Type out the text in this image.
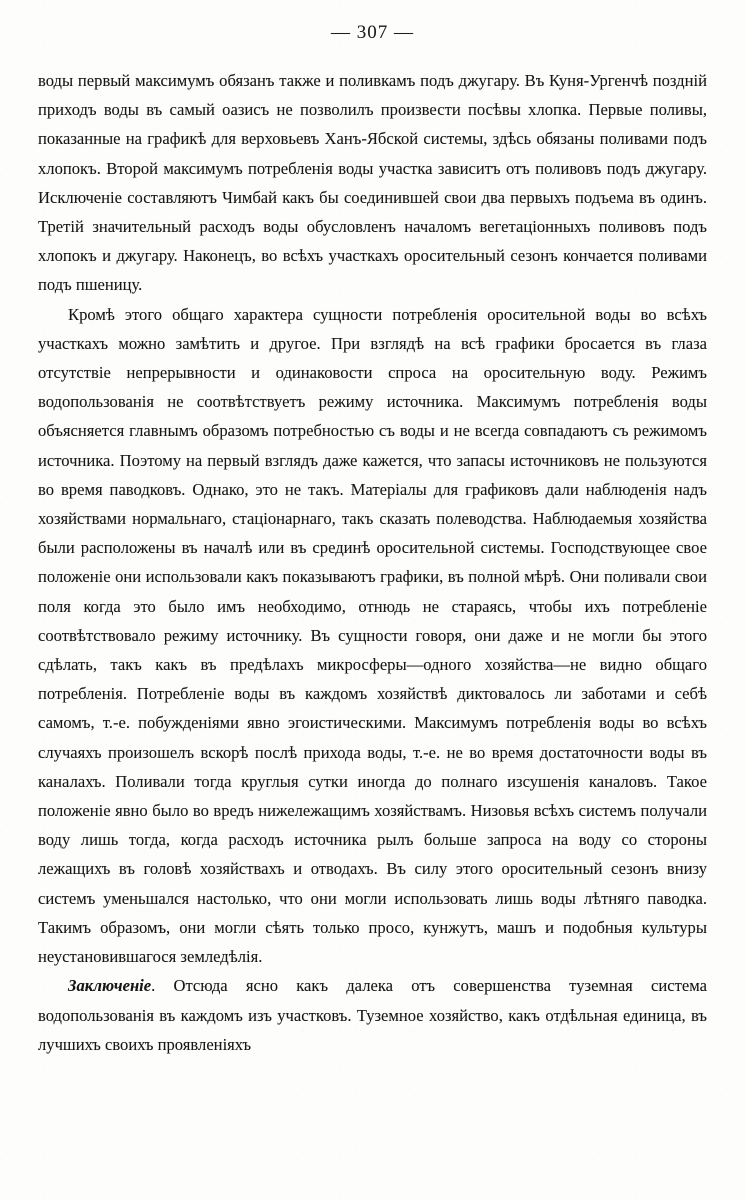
— 307 —

воды первый максимумъ обязанъ также и поливкамъ подъ джугару. Въ Куня-Ургенчѣ поздній приходъ воды въ самый оазисъ не позволилъ произвести посѣвы хлопка. Первые поливы, показанные на графикѣ для верховьевъ Ханъ-Ябской системы, здѣсь обязаны поливами подъ хлопокъ. Второй максимумъ потребленія воды участка зависитъ отъ поливовъ подъ джугару. Исключеніе составляютъ Чимбай какъ бы соединившей свои два первыхъ подъема въ одинъ. Третій значительный расходъ воды обусловленъ началомъ вегетаціонныхъ поливовъ подъ хлопокъ и джугару. Наконецъ, во всѣхъ участкахъ оросительный сезонъ кончается поливами подъ пшеницу.

Кромѣ этого общаго характера сущности потребленія оросительной воды во всѣхъ участкахъ можно замѣтить и другое. При взглядѣ на всѣ графики бросается въ глаза отсутствіе непрерывности и одинаковости спроса на оросительную воду. Режимъ водопользованія не соотвѣтствуетъ режиму источника. Максимумъ потребленія воды объясняется главнымъ образомъ потребностью съ воды и не всегда совпадаютъ съ режимомъ источника. Поэтому на первый взглядъ даже кажется, что запасы источниковъ не пользуются во время паводковъ. Однако, это не такъ. Матеріалы для графиковъ дали наблюденія надъ хозяйствами нормальнаго, стаціонарнаго, такъ сказать полеводства. Наблюдаемыя хозяйства были расположены въ началѣ или въ срединѣ оросительной системы. Господствующее свое положеніе они использовали какъ показываютъ графики, въ полной мѣрѣ. Они поливали свои поля когда это было имъ необходимо, отнюдь не стараясь, чтобы ихъ потребленіе соотвѣтствовало режиму источнику. Въ сущности говоря, они даже и не могли бы этого сдѣлать, такъ какъ въ предѣлахъ микросферы—одного хозяйства—не видно общаго потребленія. Потребленіе воды въ каждомъ хозяйствѣ диктовалось ли заботами и себѣ самомъ, т.-е. побужденіями явно эгоистическими. Максимумъ потребленія воды во всѣхъ случаяхъ произошелъ вскорѣ послѣ прихода воды, т.-е. не во время достаточности воды въ каналахъ. Поливали тогда круглыя сутки иногда до полнаго изсушенія каналовъ. Такое положеніе явно было во вредъ нижележащимъ хозяйствамъ. Низовья всѣхъ системъ получали воду лишь тогда, когда расходъ источника рылъ больше запроса на воду со стороны лежащихъ въ головѣ хозяйствахъ и отводахъ. Въ силу этого оросительный сезонъ внизу системъ уменьшался настолько, что они могли использовать лишь воды лѣтняго паводка. Такимъ образомъ, они могли сѣять только просо, кунжутъ, машъ и подобныя культуры неустановившагося земледѣлія.

Заключеніе. Отсюда ясно какъ далека отъ совершенства туземная система водопользованія въ каждомъ изъ участковъ. Туземное хозяйство, какъ отдѣльная единица, въ лучшихъ своихъ проявленіяхъ
